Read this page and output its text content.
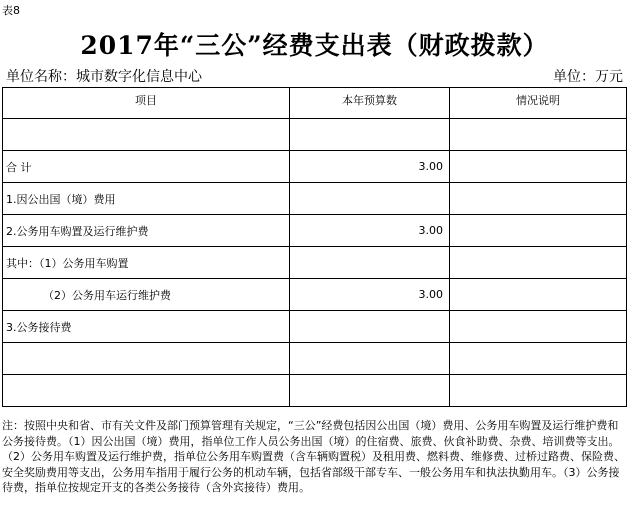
表8
2017年“三公”经费支出表（财政拨款）
单位名称：城市数字化信息中心	单位：万元
项目	本年预算数	情况说明

合 计	3.00	
1.因公出国（境）费用		
2.公务用车购置及运行维护费	3.00	
其中：（1）公务用车购置		
（2）公务用车运行维护费	3.00	
3.公务接待费		

注：按照中央和省、市有关文件及部门预算管理有关规定，“三公”经费包括因公出国（境）费用、公务用车购置及运行维护费和公务接待费。（1）因公出国（境）费用，指单位工作人员公务出国（境）的住宿费、旅费、伙食补助费、杂费、培训费等支出。（2）公务用车购置及运行维护费，指单位公务用车购置费（含车辆购置税）及租用费、燃料费、维修费、过桥过路费、保险费、安全奖励费用等支出，公务用车指用于履行公务的机动车辆，包括省部级干部专车、一般公务用车和执法执勤用车。（3）公务接待费，指单位按规定开支的各类公务接待（含外宾接待）费用。
